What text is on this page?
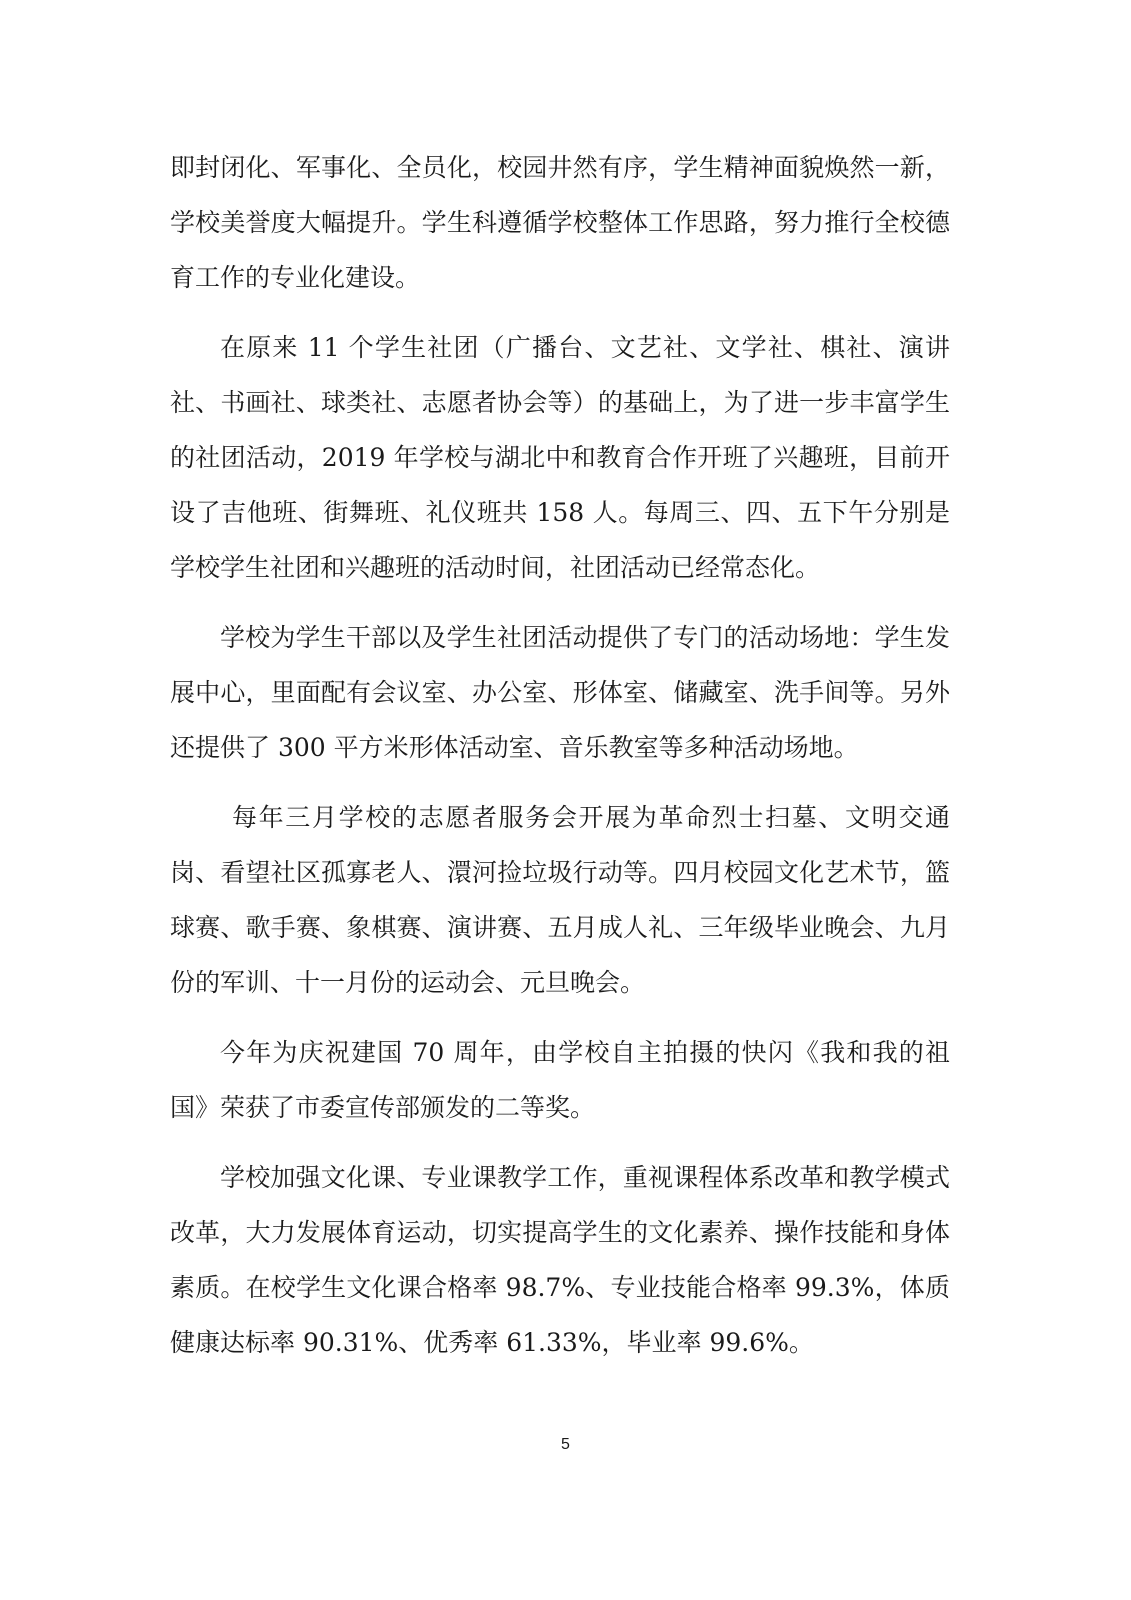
即封闭化、军事化、全员化，校园井然有序，学生精神面貌焕然一新，学校美誉度大幅提升。学生科遵循学校整体工作思路，努力推行全校德育工作的专业化建设。

在原来 11 个学生社团（广播台、文艺社、文学社、棋社、演讲社、书画社、球类社、志愿者协会等）的基础上，为了进一步丰富学生的社团活动，2019 年学校与湖北中和教育合作开班了兴趣班，目前开设了吉他班、街舞班、礼仪班共 158 人。每周三、四、五下午分别是学校学生社团和兴趣班的活动时间，社团活动已经常态化。

学校为学生干部以及学生社团活动提供了专门的活动场地：学生发展中心，里面配有会议室、办公室、形体室、储藏室、洗手间等。另外还提供了 300 平方米形体活动室、音乐教室等多种活动场地。

每年三月学校的志愿者服务会开展为革命烈士扫墓、文明交通岗、看望社区孤寡老人、澴河捡垃圾行动等。四月校园文化艺术节，篮球赛、歌手赛、象棋赛、演讲赛、五月成人礼、三年级毕业晚会、九月份的军训、十一月份的运动会、元旦晚会。

今年为庆祝建国 70 周年，由学校自主拍摄的快闪《我和我的祖国》荣获了市委宣传部颁发的二等奖。

学校加强文化课、专业课教学工作，重视课程体系改革和教学模式改革，大力发展体育运动，切实提高学生的文化素养、操作技能和身体素质。在校学生文化课合格率 98.7%、专业技能合格率 99.3%，体质健康达标率 90.31%、优秀率 61.33%，毕业率 99.6%。

5
